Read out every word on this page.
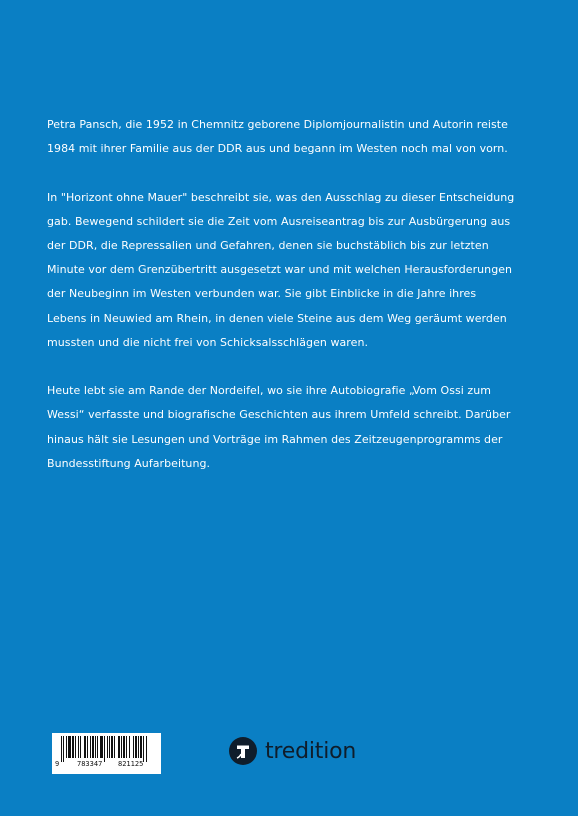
Petra Pansch, die 1952 in Chemnitz geborene Diplomjournalistin und Autorin reiste 1984 mit ihrer Familie aus der DDR aus und begann im Westen noch mal von vorn.

In "Horizont ohne Mauer" beschreibt sie, was den Ausschlag zu dieser Entscheidung gab. Bewegend schildert sie die Zeit vom Ausreiseantrag bis zur Ausbürgerung aus der DDR, die Repressalien und Gefahren, denen sie buchstäblich bis zur letzten Minute vor dem Grenzübertritt ausgesetzt war und mit welchen Herausforderungen der Neubeginn im Westen verbunden war. Sie gibt Einblicke in die Jahre ihres Lebens in Neuwied am Rhein, in denen viele Steine aus dem Weg geräumt werden mussten und die nicht frei von Schicksalsschlägen waren.

Heute lebt sie am Rande der Nordeifel, wo sie ihre Autobiografie „Vom Ossi zum Wessi“ verfasste und biografische Geschichten aus ihrem Umfeld schreibt. Darüber hinaus hält sie Lesungen und Vorträge im Rahmen des Zeitzeugenprogramms der Bundesstiftung Aufarbeitung.

9	783347 821125
tredition
